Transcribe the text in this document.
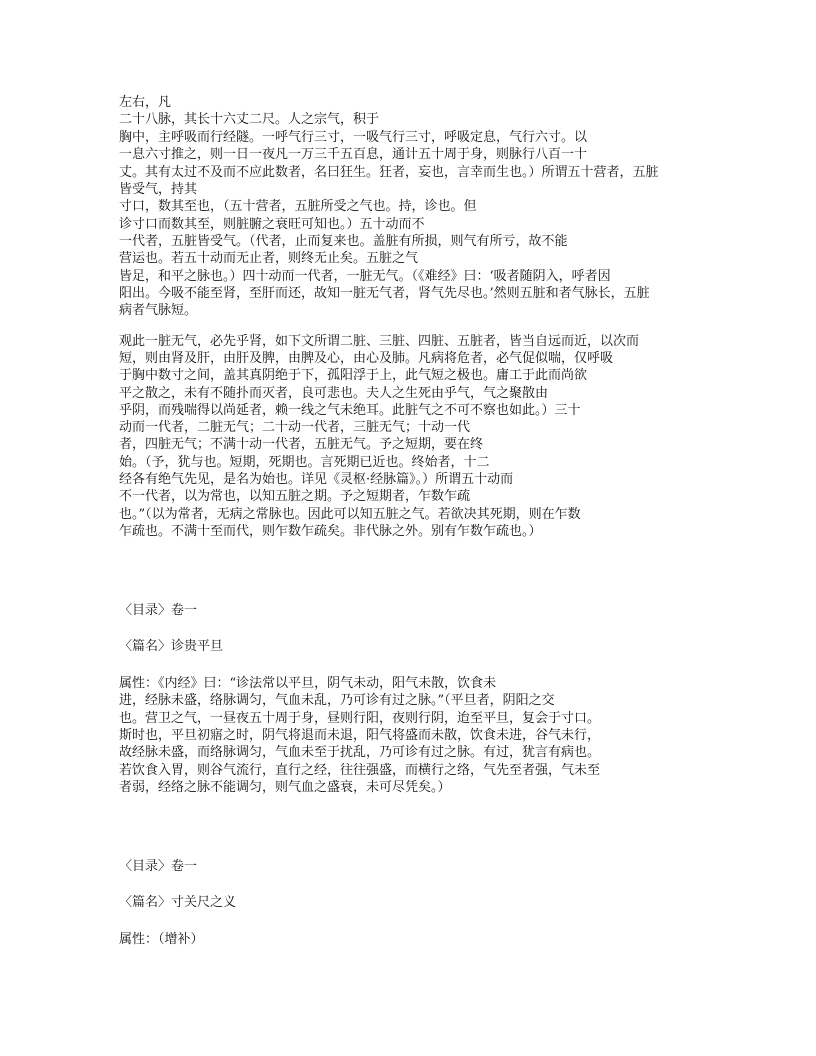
左右，凡
二十八脉，其长十六丈二尺。人之宗气，积于
胸中，主呼吸而行经隧。一呼气行三寸，一吸气行三寸，呼吸定息，气行六寸。以
一息六寸推之，则一日一夜凡一万三千五百息，通计五十周于身，则脉行八百一十
丈。其有太过不及而不应此数者，名曰狂生。狂者，妄也，言幸而生也。）所谓五十营者，五脏
皆受气，持其
寸口，数其至也，（五十营者，五脏所受之气也。持，诊也。但
诊寸口而数其至，则脏腑之衰旺可知也。）五十动而不
一代者，五脏皆受气。（代者，止而复来也。盖脏有所损，则气有所亏，故不能
营运也。若五十动而无止者，则终无止矣。五脏之气
皆足，和平之脉也。）四十动而一代者，一脏无气。（《难经》曰：‘吸者随阴入，呼者因
阳出。今吸不能至肾，至肝而还，故知一脏无气者，肾气先尽也。’然则五脏和者气脉长，五脏
病者气脉短。
观此一脏无气，必先乎肾，如下文所谓二脏、三脏、四脏、五脏者，皆当自远而近，以次而
短，则由肾及肝，由肝及脾，由脾及心，由心及肺。凡病将危者，必气促似喘，仅呼吸
于胸中数寸之间，盖其真阴绝于下，孤阳浮于上，此气短之极也。庸工于此而尚欲
平之散之，未有不随扑而灭者，良可悲也。夫人之生死由乎气，气之聚散由
乎阴，而残喘得以尚延者，赖一线之气未绝耳。此脏气之不可不察也如此。）三十
动而一代者，二脏无气；二十动一代者，三脏无气；十动一代
者，四脏无气；不满十动一代者，五脏无气。予之短期，要在终
始。（予，犹与也。短期，死期也。言死期已近也。终始者，十二
经各有绝气先见，是名为始也。详见《灵枢·经脉篇》。）所谓五十动而
不一代者，以为常也，以知五脏之期。予之短期者，乍数乍疏
也。”（以为常者，无病之常脉也。因此可以知五脏之气。若欲决其死期，则在乍数
乍疏也。不满十至而代，则乍数乍疏矣。非代脉之外。别有乍数乍疏也。）
〈目录〉卷一
〈篇名〉诊贵平旦
属性：《内经》曰：“诊法常以平旦，阴气未动，阳气未散，饮食未
进，经脉未盛，络脉调匀，气血未乱，乃可诊有过之脉。”（平旦者，阴阳之交
也。营卫之气，一昼夜五十周于身，昼则行阳，夜则行阴，迨至平旦，复会于寸口。
斯时也，平旦初寤之时，阴气将退而未退，阳气将盛而未散，饮食未进，谷气未行，
故经脉未盛，而络脉调匀，气血未至于扰乱，乃可诊有过之脉。有过，犹言有病也。
若饮食入胃，则谷气流行，直行之经，往往强盛，而横行之络，气先至者强，气未至
者弱，经络之脉不能调匀，则气血之盛衰，未可尽凭矣。）
〈目录〉卷一
〈篇名〉寸关尺之义
属性：（增补）
